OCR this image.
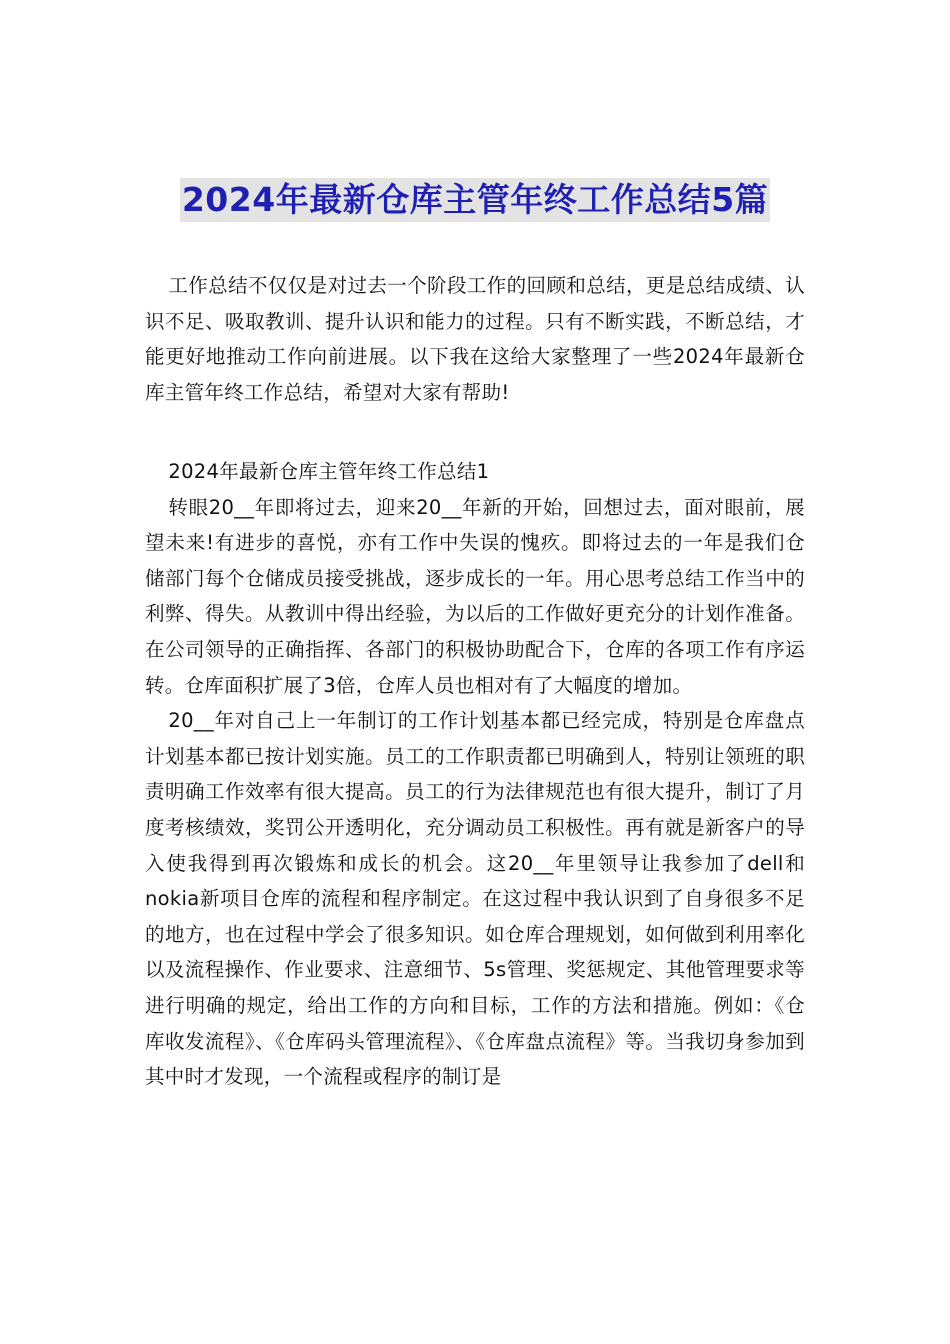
2024年最新仓库主管年终工作总结5篇

工作总结不仅仅是对过去一个阶段工作的回顾和总结，更是总结成绩、认识不足、吸取教训、提升认识和能力的过程。只有不断实践，不断总结，才能更好地推动工作向前进展。以下我在这给大家整理了一些2024年最新仓库主管年终工作总结，希望对大家有帮助!

2024年最新仓库主管年终工作总结1

转眼20__年即将过去，迎来20__年新的开始，回想过去，面对眼前，展望未来!有进步的喜悦，亦有工作中失误的愧疚。即将过去的一年是我们仓储部门每个仓储成员接受挑战，逐步成长的一年。用心思考总结工作当中的利弊、得失。从教训中得出经验，为以后的工作做好更充分的计划作准备。在公司领导的正确指挥、各部门的积极协助配合下，仓库的各项工作有序运转。仓库面积扩展了3倍，仓库人员也相对有了大幅度的增加。

20__年对自己上一年制订的工作计划基本都已经完成，特别是仓库盘点计划基本都已按计划实施。员工的工作职责都已明确到人，特别让领班的职责明确工作效率有很大提高。员工的行为法律规范也有很大提升，制订了月度考核绩效，奖罚公开透明化，充分调动员工积极性。再有就是新客户的导入使我得到再次锻炼和成长的机会。这20__年里领导让我参加了dell和nokia新项目仓库的流程和程序制定。在这过程中我认识到了自身很多不足的地方，也在过程中学会了很多知识。如仓库合理规划，如何做到利用率化以及流程操作、作业要求、注意细节、5s管理、奖惩规定、其他管理要求等进行明确的规定，给出工作的方向和目标，工作的方法和措施。例如：《仓库收发流程》、《仓库码头管理流程》、《仓库盘点流程》等。当我切身参加到其中时才发现，一个流程或程序的制订是
